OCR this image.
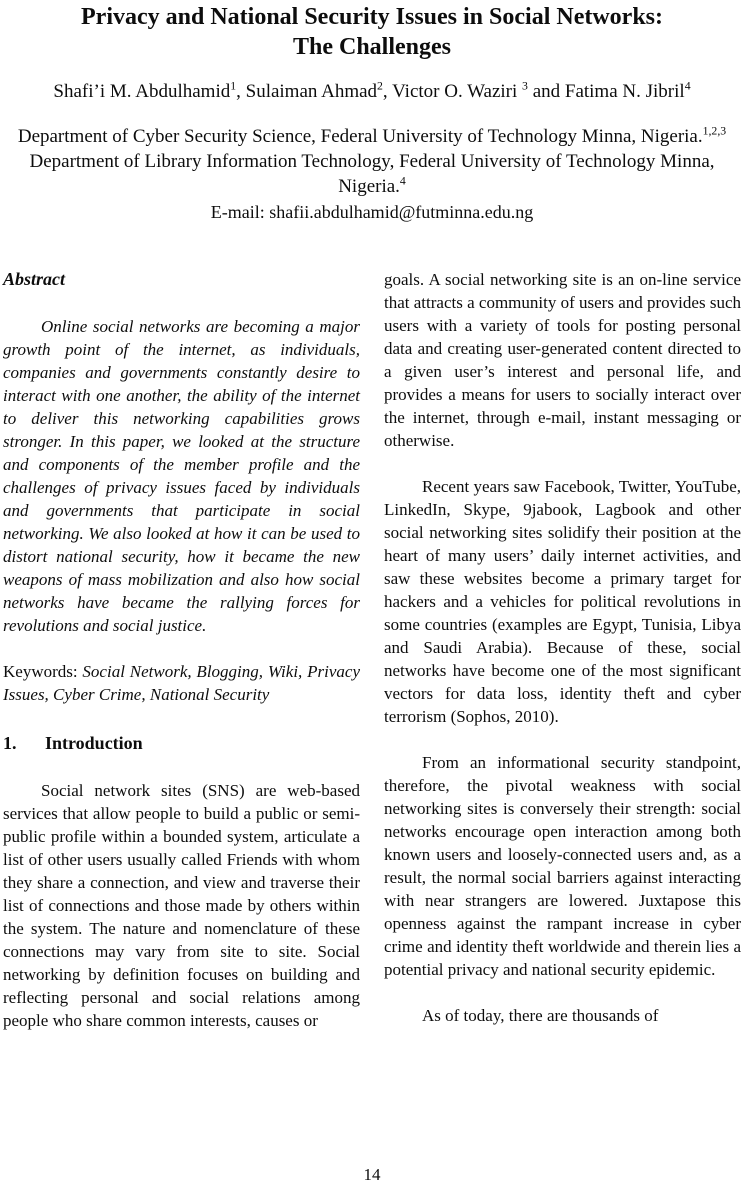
Privacy and National Security Issues in Social Networks:
The Challenges
Shafi’i M. Abdulhamid$^1$, Sulaiman Ahmad$^2$, Victor O. Waziri $^3$ and Fatima N. Jibril$^4$
Department of Cyber Security Science, Federal University of Technology Minna, Nigeria.$^{1,2,3}$
Department of Library Information Technology, Federal University of Technology Minna, Nigeria.$^4$
E-mail: shafii.abdulhamid@futminna.edu.ng
Abstract

Online social networks are becoming a major growth point of the internet, as individuals, companies and governments constantly desire to interact with one another, the ability of the internet to deliver this networking capabilities grows stronger. In this paper, we looked at the structure and components of the member profile and the challenges of privacy issues faced by individuals and governments that participate in social networking. We also looked at how it can be used to distort national security, how it became the new weapons of mass mobilization and also how social networks have became the rallying forces for revolutions and social justice.

Keywords: Social Network, Blogging, Wiki, Privacy Issues, Cyber Crime, National Security

1. Introduction

Social network sites (SNS) are web-based services that allow people to build a public or semi-public profile within a bounded system, articulate a list of other users usually called Friends with whom they share a connection, and view and traverse their list of connections and those made by others within the system. The nature and nomenclature of these connections may vary from site to site. Social networking by definition focuses on building and reflecting personal and social relations among people who share common interests, causes or

goals. A social networking site is an on-line service that attracts a community of users and provides such users with a variety of tools for posting personal data and creating user-generated content directed to a given user’s interest and personal life, and provides a means for users to socially interact over the internet, through e-mail, instant messaging or otherwise.

Recent years saw Facebook, Twitter, YouTube, LinkedIn, Skype, 9jabook, Lagbook and other social networking sites solidify their position at the heart of many users’ daily internet activities, and saw these websites become a primary target for hackers and a vehicles for political revolutions in some countries (examples are Egypt, Tunisia, Libya and Saudi Arabia). Because of these, social networks have become one of the most significant vectors for data loss, identity theft and cyber terrorism (Sophos, 2010).

From an informational security standpoint, therefore, the pivotal weakness with social networking sites is conversely their strength: social networks encourage open interaction among both known users and loosely-connected users and, as a result, the normal social barriers against interacting with near strangers are lowered. Juxtapose this openness against the rampant increase in cyber crime and identity theft worldwide and therein lies a potential privacy and national security epidemic.

As of today, there are thousands of

14
